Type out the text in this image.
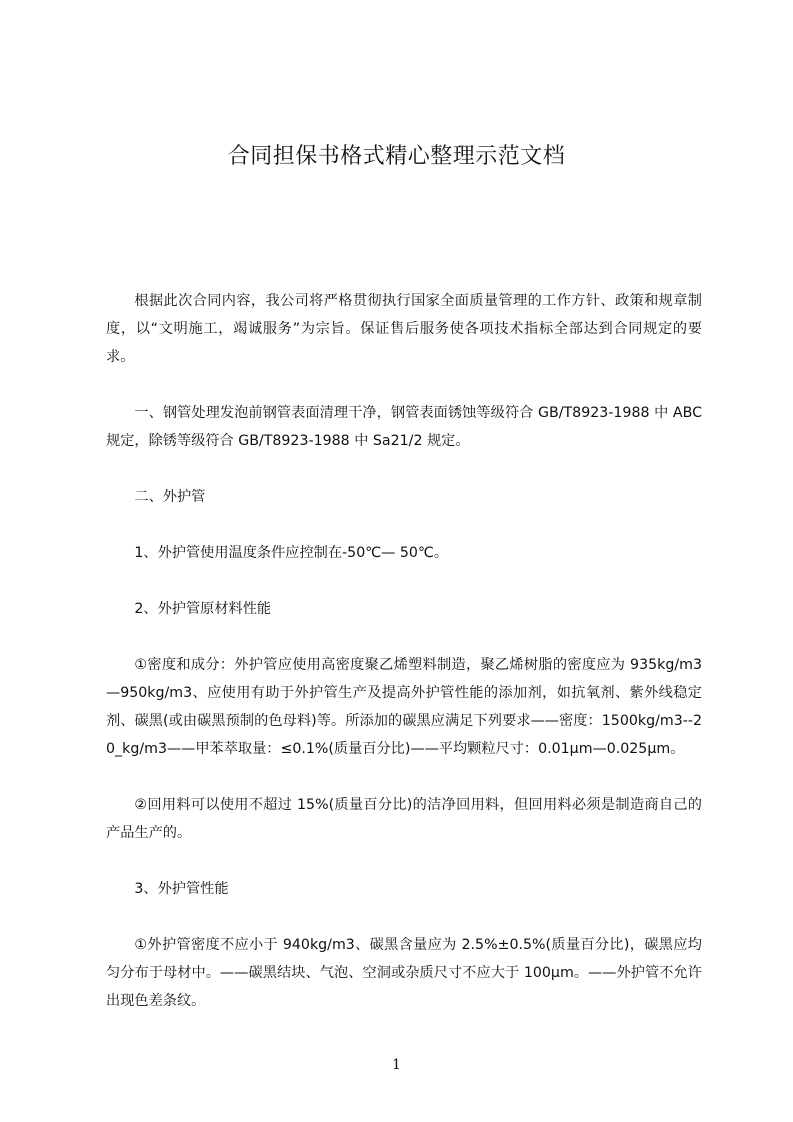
合同担保书格式精心整理示范文档

根据此次合同内容，我公司将严格贯彻执行国家全面质量管理的工作方针、政策和规章制度，以“文明施工，竭诚服务”为宗旨。保证售后服务使各项技术指标全部达到合同规定的要求。

一、钢管处理发泡前钢管表面清理干净，钢管表面锈蚀等级符合 GB/T8923-1988 中 ABC 规定，除锈等级符合 GB/T8923-1988 中 Sa21/2 规定。

二、外护管

1、外护管使用温度条件应控制在-50℃— 50℃。

2、外护管原材料性能

①密度和成分：外护管应使用高密度聚乙烯塑料制造，聚乙烯树脂的密度应为 935kg/m3—950kg/m3、应使用有助于外护管生产及提高外护管性能的添加剂，如抗氧剂、紫外线稳定剂、碳黑(或由碳黑预制的色母料)等。所添加的碳黑应满足下列要求——密度：1500kg/m3--20_kg/m3——甲苯萃取量：≤0.1%(质量百分比)——平均颗粒尺寸：0.01μm—0.025μm。

②回用料可以使用不超过 15%(质量百分比)的洁净回用料，但回用料必须是制造商自己的产品生产的。

3、外护管性能

①外护管密度不应小于 940kg/m3、碳黑含量应为 2.5%±0.5%(质量百分比)，碳黑应均匀分布于母材中。——碳黑结块、气泡、空洞或杂质尺寸不应大于 100μm。——外护管不允许出现色差条纹。

1
